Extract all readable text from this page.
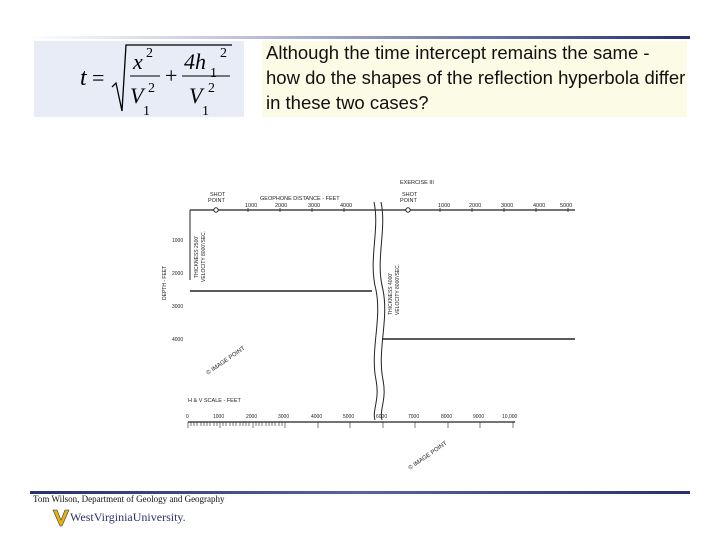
t =
x 2
V
1
2
+
4h 1
2
V
1
2
Although the time intercept remains the same - how do the shapes of the reflection hyperbola differ in these two cases?
EXERCISE III
SHOT
POINT
SHOT
POINT
GEOPHONE DISTANCE - FEET
1000	2000	3000	4000	1000	2000	3000	4000	5000
DEPTH - FEET
1000
2000
3000
4000
THICKNESS 2500' VELOCITY 8000'/SEC.
THICKNESS 4000' VELOCITY 8000'/SEC.
© IMAGE POINT
© IMAGE POINT
H & V SCALE - FEET
0	1000	2000	3000	4000	5000	6000	7000	8000	9000	10,000
Tom Wilson, Department of Geology and Geography
WestVirginiaUniversity.
